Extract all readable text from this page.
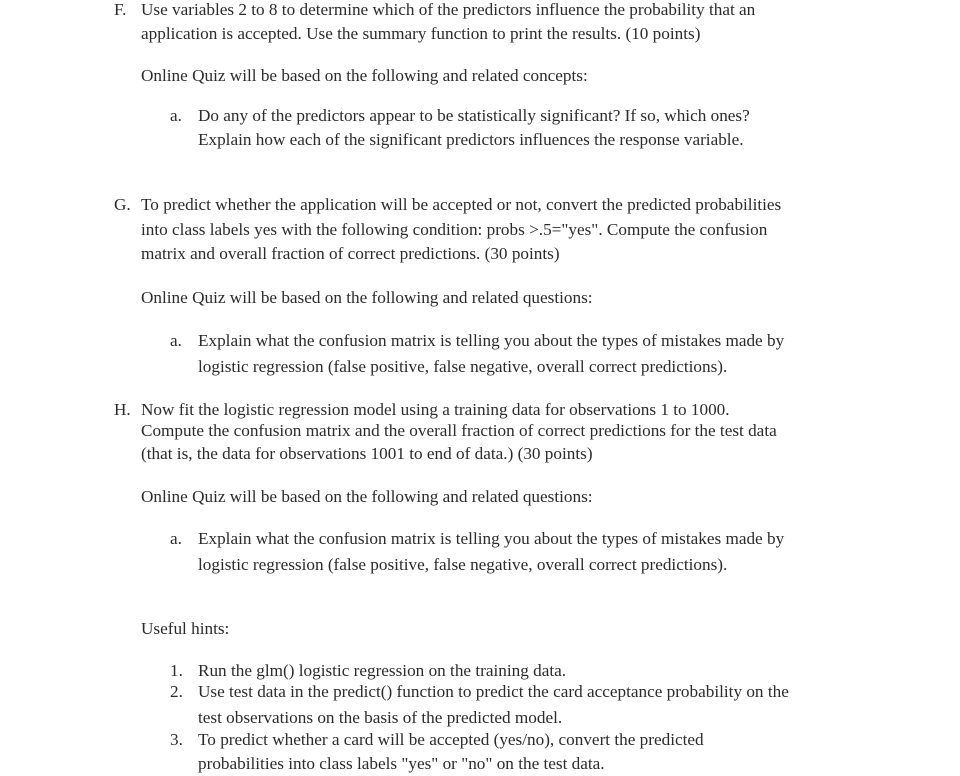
F. Use variables 2 to 8 to determine which of the predictors influence the probability that an
application is accepted. Use the summary function to print the results. (10 points)
Online Quiz will be based on the following and related concepts:
a. Do any of the predictors appear to be statistically significant? If so, which ones?
Explain how each of the significant predictors influences the response variable.
G. To predict whether the application will be accepted or not, convert the predicted probabilities
into class labels yes with the following condition: probs >.5="yes". Compute the confusion
matrix and overall fraction of correct predictions. (30 points)
Online Quiz will be based on the following and related questions:
a. Explain what the confusion matrix is telling you about the types of mistakes made by
logistic regression (false positive, false negative, overall correct predictions).
H. Now fit the logistic regression model using a training data for observations 1 to 1000.
Compute the confusion matrix and the overall fraction of correct predictions for the test data
(that is, the data for observations 1001 to end of data.) (30 points)
Online Quiz will be based on the following and related questions:
a. Explain what the confusion matrix is telling you about the types of mistakes made by
logistic regression (false positive, false negative, overall correct predictions).
Useful hints:
1. Run the glm() logistic regression on the training data.
2. Use test data in the predict() function to predict the card acceptance probability on the
test observations on the basis of the predicted model.
3. To predict whether a card will be accepted (yes/no), convert the predicted
probabilities into class labels "yes" or "no" on the test data.
